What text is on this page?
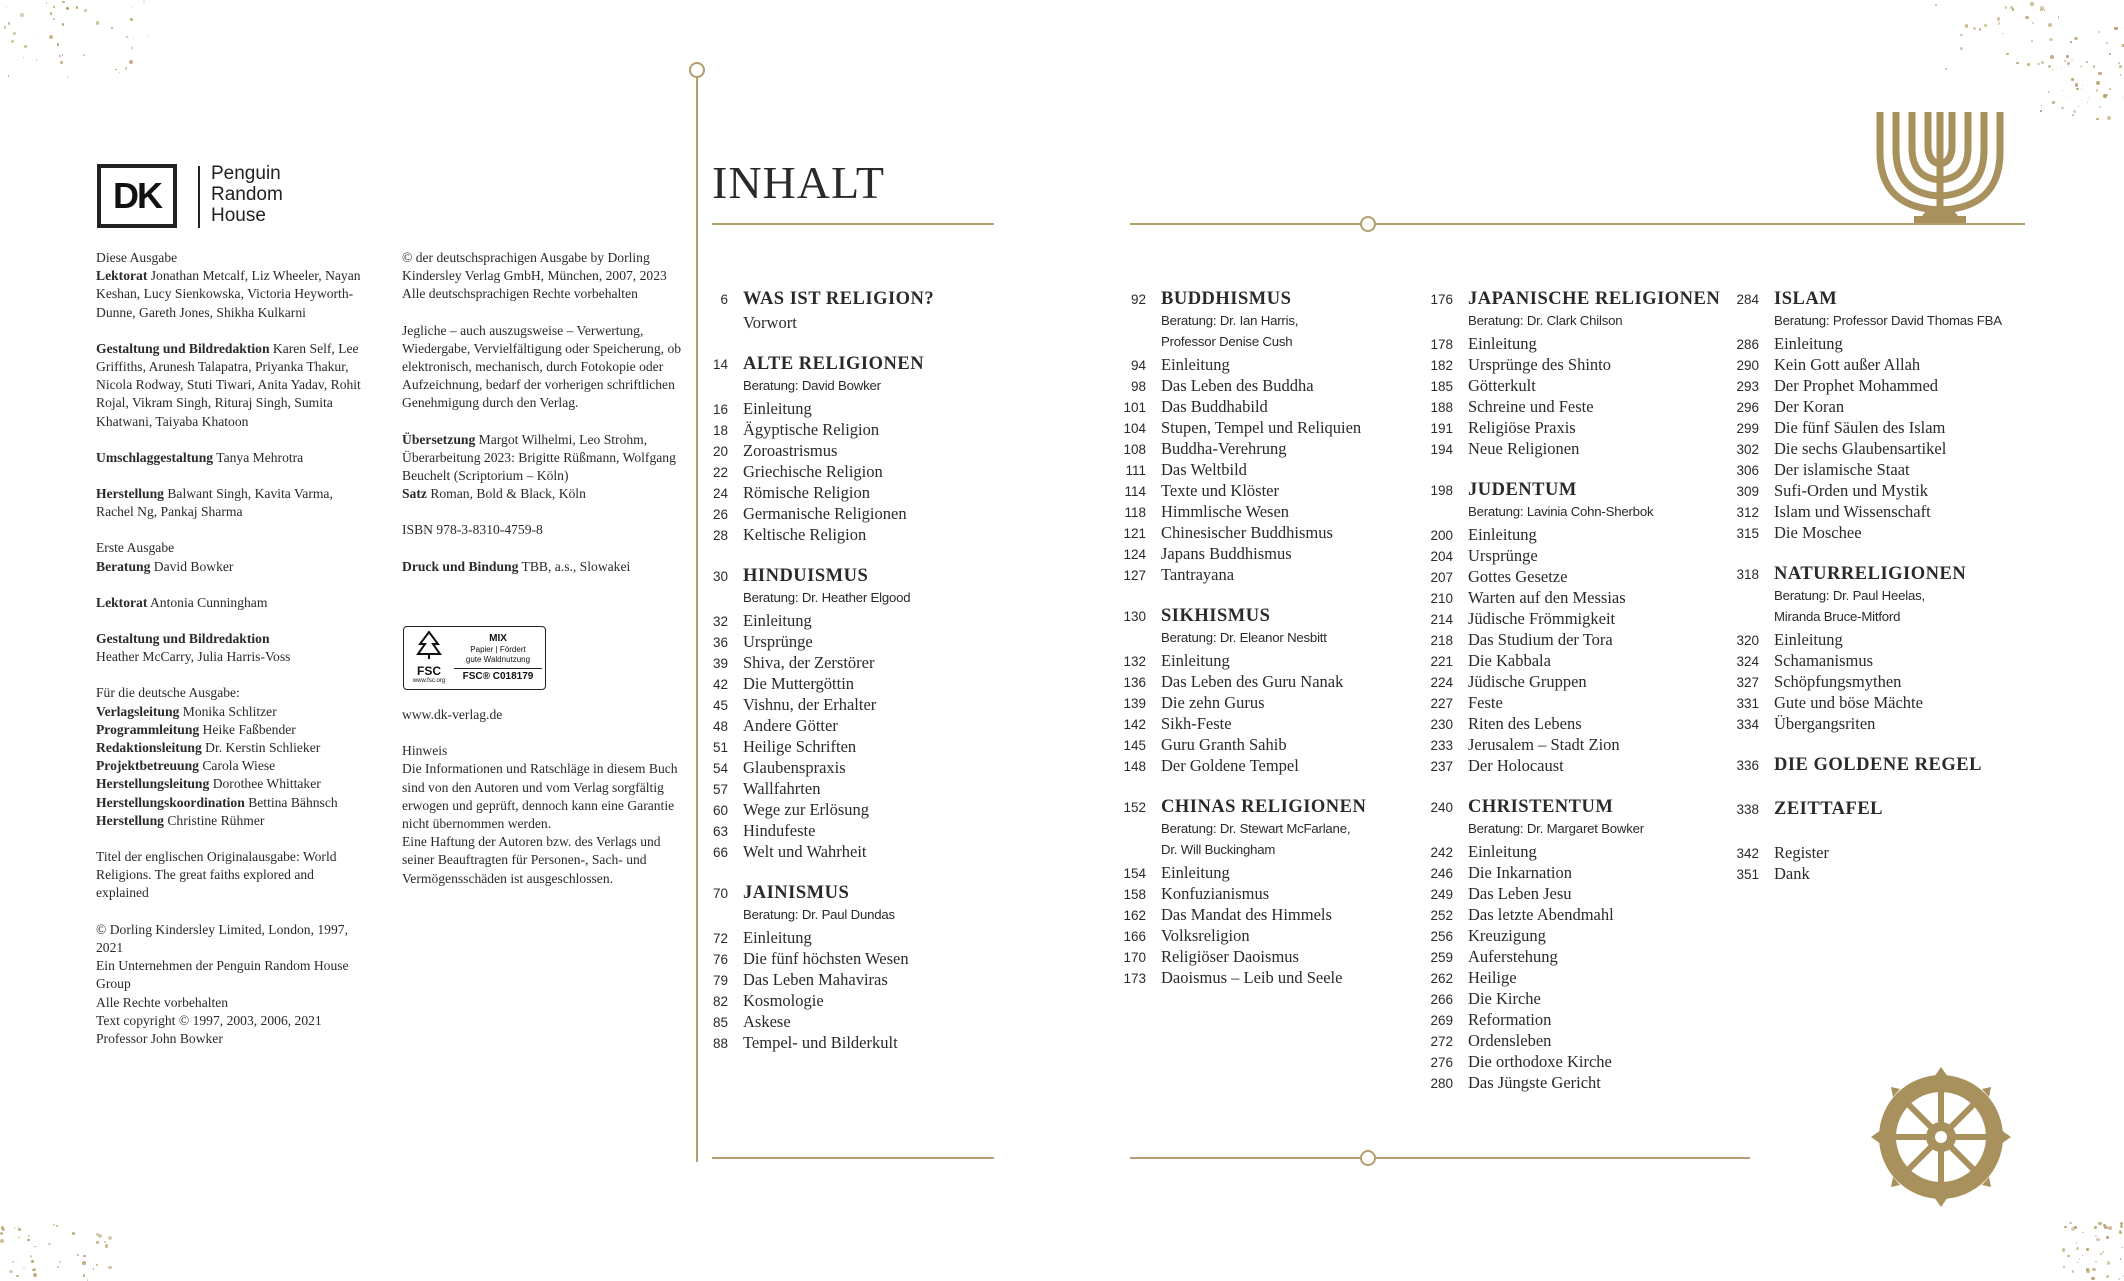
DK
Penguin
Random
House
Diese Ausgabe
Lektorat Jonathan Metcalf, Liz Wheeler, Nayan Keshan, Lucy Sienkowska, Victoria Heyworth-Dunne, Gareth Jones, Shikha Kulkarni
Gestaltung und Bildredaktion Karen Self, Lee Griffiths, Arunesh Talapatra, Priyanka Thakur, Nicola Rodway, Stuti Tiwari, Anita Yadav, Rohit Rojal, Vikram Singh, Rituraj Singh, Sumita Khatwani, Taiyaba Khatoon
Umschlaggestaltung Tanya Mehrotra
Herstellung Balwant Singh, Kavita Varma, Rachel Ng, Pankaj Sharma
Erste Ausgabe
Beratung David Bowker
Lektorat Antonia Cunningham
Gestaltung und Bildredaktion
Heather McCarry, Julia Harris-Voss
Für die deutsche Ausgabe:
Verlagsleitung Monika Schlitzer
Programmleitung Heike Faßbender
Redaktionsleitung Dr. Kerstin Schlieker
Projektbetreuung Carola Wiese
Herstellungsleitung Dorothee Whittaker
Herstellungskoordination Bettina Bähnsch
Herstellung Christine Rühmer
Titel der englischen Originalausgabe: World Religions. The great faiths explored and explained
© Dorling Kindersley Limited, London, 1997, 2021
Ein Unternehmen der Penguin Random House Group
Alle Rechte vorbehalten
Text copyright © 1997, 2003, 2006, 2021
Professor John Bowker
© der deutschsprachigen Ausgabe by Dorling Kindersley Verlag GmbH, München, 2007, 2023
Alle deutschsprachigen Rechte vorbehalten
Jegliche – auch auszugsweise – Verwertung, Wiedergabe, Vervielfältigung oder Speicherung, ob elektronisch, mechanisch, durch Fotokopie oder Aufzeichnung, bedarf der vorherigen schriftlichen Genehmigung durch den Verlag.
Übersetzung Margot Wilhelmi, Leo Strohm, Überarbeitung 2023: Brigitte Rüßmann, Wolfgang Beuchelt (Scriptorium – Köln)
Satz Roman, Bold & Black, Köln
ISBN 978-3-8310-4759-8
Druck und Bindung TBB, a.s., Slowakei
FSC
www.fsc.org
MIX
Papier | Fördert
gute Waldnutzung
FSC® C018179
www.dk-verlag.de
Hinweis
Die Informationen und Ratschläge in diesem Buch sind von den Autoren und vom Verlag sorgfältig erwogen und geprüft, dennoch kann eine Garantie nicht übernommen werden.
Eine Haftung der Autoren bzw. des Verlags und seiner Beauftragten für Personen-, Sach- und Vermögensschäden ist ausgeschlossen.
INHALT
6 WAS IST RELIGION?
Vorwort
14 ALTE RELIGIONEN
Beratung: David Bowker
16 Einleitung
18 Ägyptische Religion
20 Zoroastrismus
22 Griechische Religion
24 Römische Religion
26 Germanische Religionen
28 Keltische Religion
30 HINDUISMUS
Beratung: Dr. Heather Elgood
32 Einleitung
36 Ursprünge
39 Shiva, der Zerstörer
42 Die Muttergöttin
45 Vishnu, der Erhalter
48 Andere Götter
51 Heilige Schriften
54 Glaubenspraxis
57 Wallfahrten
60 Wege zur Erlösung
63 Hindufeste
66 Welt und Wahrheit
70 JAINISMUS
Beratung: Dr. Paul Dundas
72 Einleitung
76 Die fünf höchsten Wesen
79 Das Leben Mahaviras
82 Kosmologie
85 Askese
88 Tempel- und Bilderkult
92 BUDDHISMUS
Beratung: Dr. Ian Harris,
Professor Denise Cush
94 Einleitung
98 Das Leben des Buddha
101 Das Buddhabild
104 Stupen, Tempel und Reliquien
108 Buddha-Verehrung
111 Das Weltbild
114 Texte und Klöster
118 Himmlische Wesen
121 Chinesischer Buddhismus
124 Japans Buddhismus
127 Tantrayana
130 SIKHISMUS
Beratung: Dr. Eleanor Nesbitt
132 Einleitung
136 Das Leben des Guru Nanak
139 Die zehn Gurus
142 Sikh-Feste
145 Guru Granth Sahib
148 Der Goldene Tempel
152 CHINAS RELIGIONEN
Beratung: Dr. Stewart McFarlane,
Dr. Will Buckingham
154 Einleitung
158 Konfuzianismus
162 Das Mandat des Himmels
166 Volksreligion
170 Religiöser Daoismus
173 Daoismus – Leib und Seele
176 JAPANISCHE RELIGIONEN
Beratung: Dr. Clark Chilson
178 Einleitung
182 Ursprünge des Shinto
185 Götterkult
188 Schreine und Feste
191 Religiöse Praxis
194 Neue Religionen
198 JUDENTUM
Beratung: Lavinia Cohn-Sherbok
200 Einleitung
204 Ursprünge
207 Gottes Gesetze
210 Warten auf den Messias
214 Jüdische Frömmigkeit
218 Das Studium der Tora
221 Die Kabbala
224 Jüdische Gruppen
227 Feste
230 Riten des Lebens
233 Jerusalem – Stadt Zion
237 Der Holocaust
240 CHRISTENTUM
Beratung: Dr. Margaret Bowker
242 Einleitung
246 Die Inkarnation
249 Das Leben Jesu
252 Das letzte Abendmahl
256 Kreuzigung
259 Auferstehung
262 Heilige
266 Die Kirche
269 Reformation
272 Ordensleben
276 Die orthodoxe Kirche
280 Das Jüngste Gericht
284 ISLAM
Beratung: Professor David Thomas FBA
286 Einleitung
290 Kein Gott außer Allah
293 Der Prophet Mohammed
296 Der Koran
299 Die fünf Säulen des Islam
302 Die sechs Glaubensartikel
306 Der islamische Staat
309 Sufi-Orden und Mystik
312 Islam und Wissenschaft
315 Die Moschee
318 NATURRELIGIONEN
Beratung: Dr. Paul Heelas,
Miranda Bruce-Mitford
320 Einleitung
324 Schamanismus
327 Schöpfungsmythen
331 Gute und böse Mächte
334 Übergangsriten
336 DIE GOLDENE REGEL
338 ZEITTAFEL
342 Register
351 Dank
